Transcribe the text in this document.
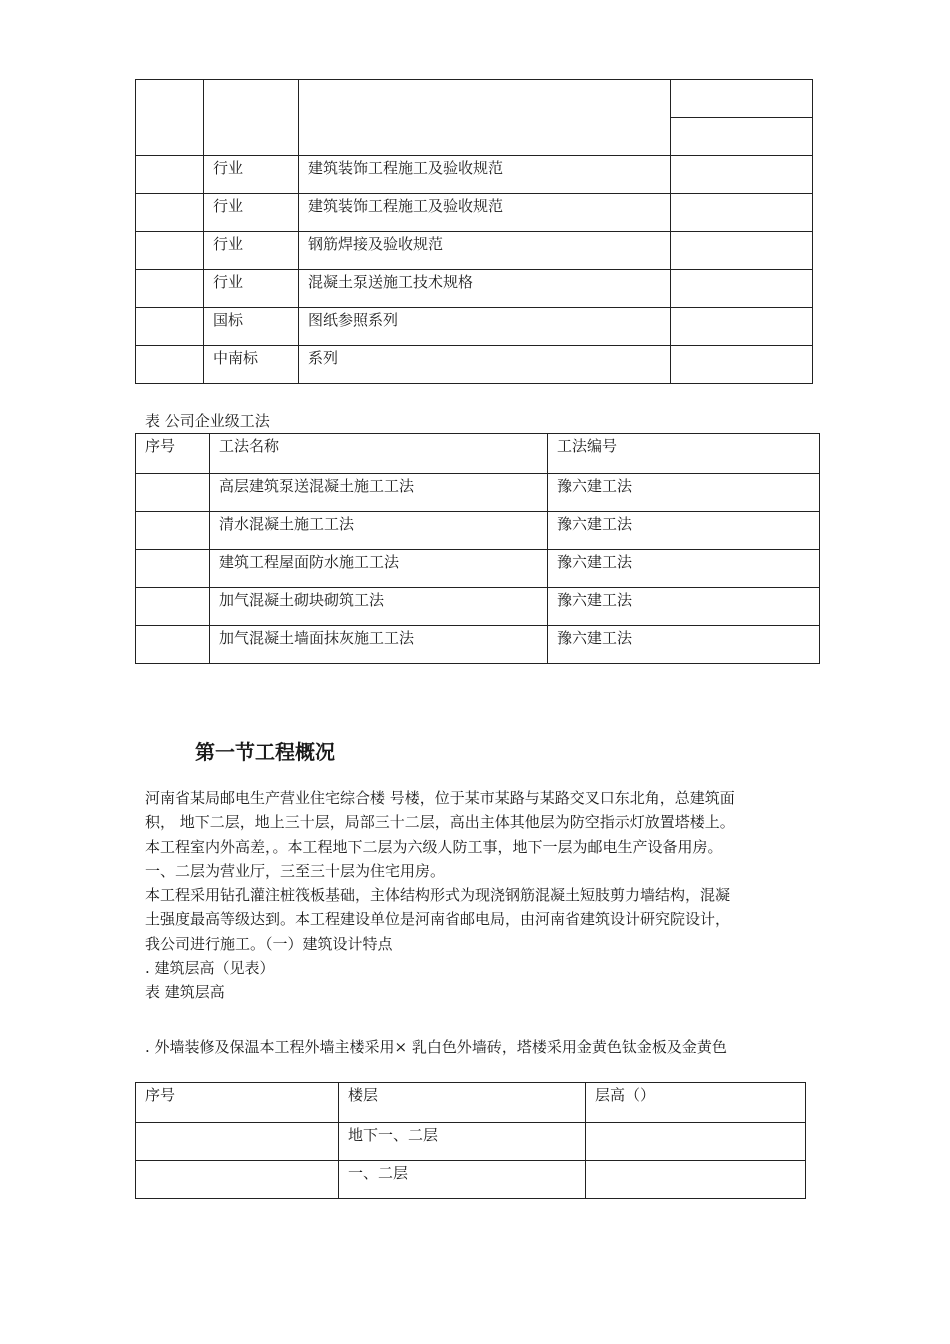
	行业	建筑装饰工程施工及验收规范	
	行业	建筑装饰工程施工及验收规范	
	行业	钢筋焊接及验收规范	
	行业	混凝土泵送施工技术规格	
	国标	图纸参照系列	
	中南标	系列	
表 公司企业级工法
序号	工法名称	工法编号
	高层建筑泵送混凝土施工工法	豫六建工法
	清水混凝土施工工法	豫六建工法
	建筑工程屋面防水施工工法	豫六建工法
	加气混凝土砌块砌筑工法	豫六建工法
	加气混凝土墙面抹灰施工工法	豫六建工法
第一节工程概况
河南省某局邮电生产营业住宅综合楼 号楼，位于某市某路与某路交叉口东北角，总建筑面
积， 地下二层，地上三十层，局部三十二层，高出主体其他层为防空指示灯放置塔楼上。
本工程室内外高差，。本工程地下二层为六级人防工事，地下一层为邮电生产设备用房。
一、二层为营业厅，三至三十层为住宅用房。
本工程采用钻孔灌注桩筏板基础，主体结构形式为现浇钢筋混凝土短肢剪力墙结构，混凝
土强度最高等级达到。本工程建设单位是河南省邮电局，由河南省建筑设计研究院设计，
我公司进行施工。（一）建筑设计特点
. 建筑层高（见表）
表 建筑层高
. 外墙装修及保温本工程外墙主楼采用× 乳白色外墙砖，塔楼采用金黄色钛金板及金黄色
序号	楼层	层高（）
	地下一、二层	
	一、二层	
